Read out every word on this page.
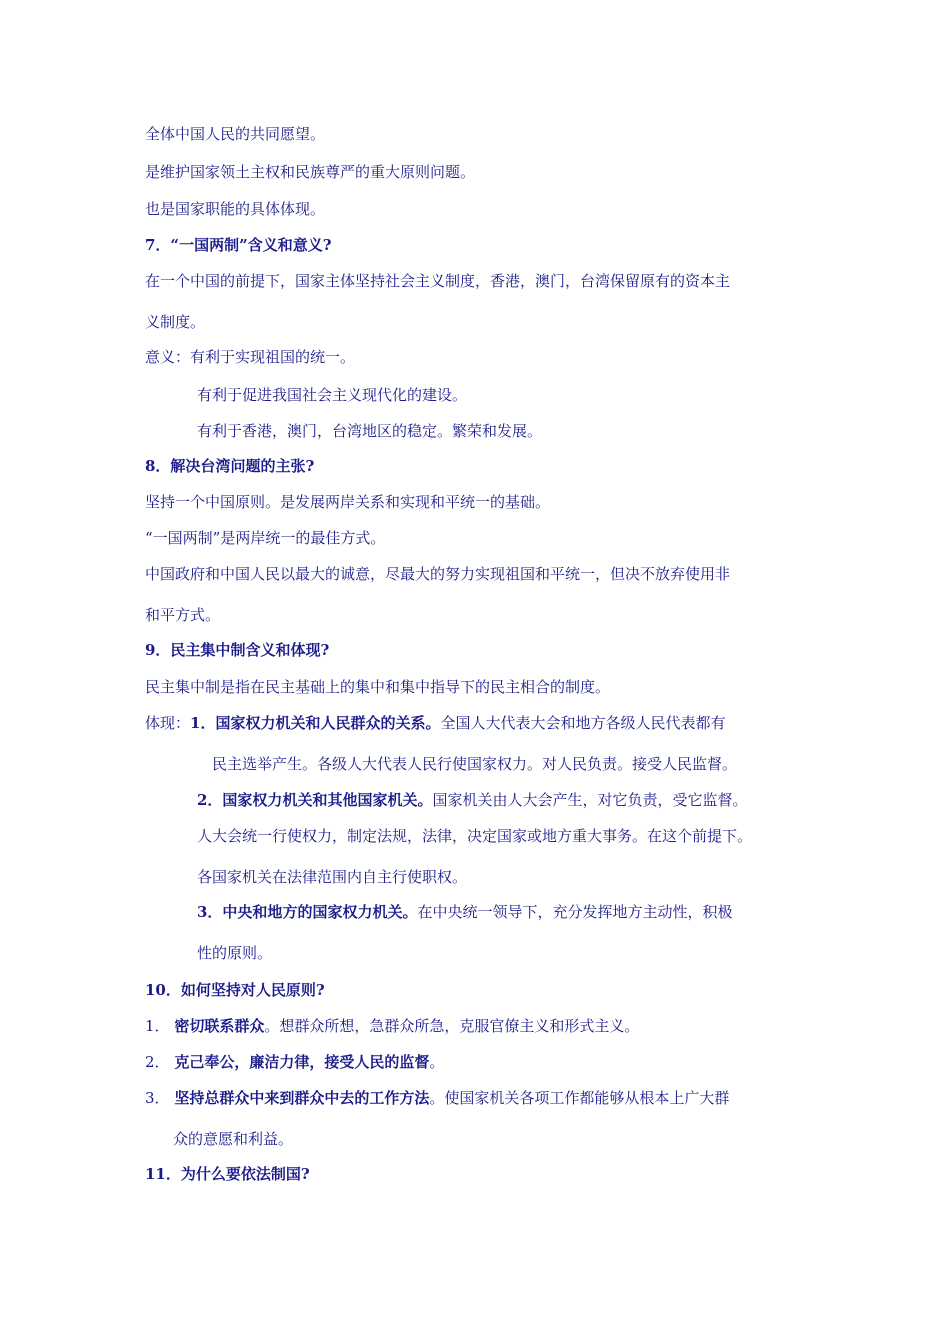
全体中国人民的共同愿望。
是维护国家领土主权和民族尊严的重大原则问题。
也是国家职能的具体体现。
7．“一国两制”含义和意义?
在一个中国的前提下，国家主体坚持社会主义制度，香港，澳门，台湾保留原有的资本主
义制度。
意义：有利于实现祖国的统一。
有利于促进我国社会主义现代化的建设。
有利于香港，澳门，台湾地区的稳定。繁荣和发展。
8．解决台湾问题的主张?
坚持一个中国原则。是发展两岸关系和实现和平统一的基础。
“一国两制”是两岸统一的最佳方式。
中国政府和中国人民以最大的诚意，尽最大的努力实现祖国和平统一，但决不放弃使用非
和平方式。
9．民主集中制含义和体现?
民主集中制是指在民主基础上的集中和集中指导下的民主相合的制度。
体现：1．国家权力机关和人民群众的关系。全国人大代表大会和地方各级人民代表都有
民主选举产生。各级人大代表人民行使国家权力。对人民负责。接受人民监督。
2．国家权力机关和其他国家机关。国家机关由人大会产生，对它负责，受它监督。
人大会统一行使权力，制定法规，法律，决定国家或地方重大事务。在这个前提下。
各国家机关在法律范围内自主行使职权。
3．中央和地方的国家权力机关。在中央统一领导下，充分发挥地方主动性，积极
性的原则。
10．如何坚持对人民原则?
1． 密切联系群众。想群众所想，急群众所急，克服官僚主义和形式主义。
2． 克己奉公，廉洁力律，接受人民的监督。
3． 坚持总群众中来到群众中去的工作方法。使国家机关各项工作都能够从根本上广大群
众的意愿和利益。
11．为什么要依法制国?
